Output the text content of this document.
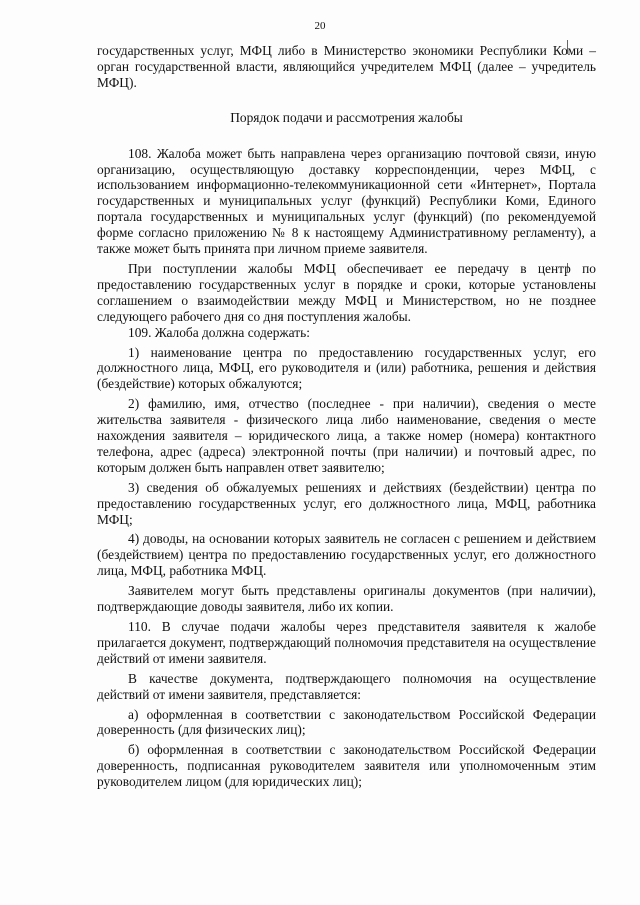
20

государственных услуг, МФЦ либо в Министерство экономики Республики Коми – орган государственной власти, являющийся учредителем МФЦ (далее – учредитель МФЦ).

Порядок подачи и рассмотрения жалобы

108. Жалоба может быть направлена через организацию почтовой связи, иную организацию, осуществляющую доставку корреспонденции, через МФЦ, с использованием информационно-телекоммуникационной сети «Интернет», Портала государственных и муниципальных услуг (функций) Республики Коми, Единого портала государственных и муниципальных услуг (функций) (по рекомендуемой форме согласно приложению № 8 к настоящему Административному регламенту), а также может быть принята при личном приеме заявителя.

При поступлении жалобы МФЦ обеспечивает ее передачу в центр по предоставлению государственных услуг в порядке и сроки, которые установлены соглашением о взаимодействии между МФЦ и Министерством, но не позднее следующего рабочего дня со дня поступления жалобы.

109. Жалоба должна содержать:

1) наименование центра по предоставлению государственных услуг, его должностного лица, МФЦ, его руководителя и (или) работника, решения и действия (бездействие) которых обжалуются;

2) фамилию, имя, отчество (последнее - при наличии), сведения о месте жительства заявителя - физического лица либо наименование, сведения о месте нахождения заявителя – юридического лица, а также номер (номера) контактного телефона, адрес (адреса) электронной почты (при наличии) и почтовый адрес, по которым должен быть направлен ответ заявителю;

3) сведения об обжалуемых решениях и действиях (бездействии) центра по предоставлению государственных услуг, его должностного лица, МФЦ, работника МФЦ;

4) доводы, на основании которых заявитель не согласен с решением и действием (бездействием) центра по предоставлению государственных услуг, его должностного лица, МФЦ, работника МФЦ.

Заявителем могут быть представлены оригиналы документов (при наличии), подтверждающие доводы заявителя, либо их копии.

110. В случае подачи жалобы через представителя заявителя к жалобе прилагается документ, подтверждающий полномочия представителя на осуществление действий от имени заявителя.

В качестве документа, подтверждающего полномочия на осуществление действий от имени заявителя, представляется:

а) оформленная в соответствии с законодательством Российской Федерации доверенность (для физических лиц);

б) оформленная в соответствии с законодательством Российской Федерации доверенность, подписанная руководителем заявителя или уполномоченным этим руководителем лицом (для юридических лиц);
